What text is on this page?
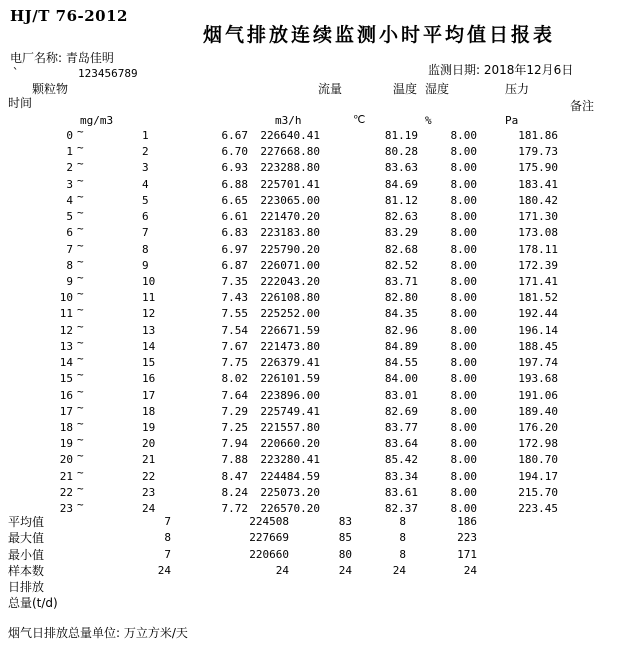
HJ/T 76-2012
烟气排放连续监测小时平均值日报表
电厂名称: 青岛佳明
`	123456789	监测日期: 2018年12月6日
颗粒物	流量	温度 湿度	压力
时间	备注
mg/m3	m3/h	℃	%	Pa
0 ~	1	6.67	226640.41	81.19	8.00	181.86
1 ~	2	6.70	227668.80	80.28	8.00	179.73
2 ~	3	6.93	223288.80	83.63	8.00	175.90
3 ~	4	6.88	225701.41	84.69	8.00	183.41
4 ~	5	6.65	223065.00	81.12	8.00	180.42
5 ~	6	6.61	221470.20	82.63	8.00	171.30
6 ~	7	6.83	223183.80	83.29	8.00	173.08
7 ~	8	6.97	225790.20	82.68	8.00	178.11
8 ~	9	6.87	226071.00	82.52	8.00	172.39
9 ~	10	7.35	222043.20	83.71	8.00	171.41
10 ~	11	7.43	226108.80	82.80	8.00	181.52
11 ~	12	7.55	225252.00	84.35	8.00	192.44
12 ~	13	7.54	226671.59	82.96	8.00	196.14
13 ~	14	7.67	221473.80	84.89	8.00	188.45
14 ~	15	7.75	226379.41	84.55	8.00	197.74
15 ~	16	8.02	226101.59	84.00	8.00	193.68
16 ~	17	7.64	223896.00	83.01	8.00	191.06
17 ~	18	7.29	225749.41	82.69	8.00	189.40
18 ~	19	7.25	221557.80	83.77	8.00	176.20
19 ~	20	7.94	220660.20	83.64	8.00	172.98
20 ~	21	7.88	223280.41	85.42	8.00	180.70
21 ~	22	8.47	224484.59	83.34	8.00	194.17
22 ~	23	8.24	225073.20	83.61	8.00	215.70
23 ~	24	7.72	226570.20	82.37	8.00	223.45
平均值	7	224508	83	8	186
最大值	8	227669	85	8	223
最小值	7	220660	80	8	171
样本数	24	24	24	24	24
日排放
总量(t/d)
烟气日排放总量单位: 万立方米/天
